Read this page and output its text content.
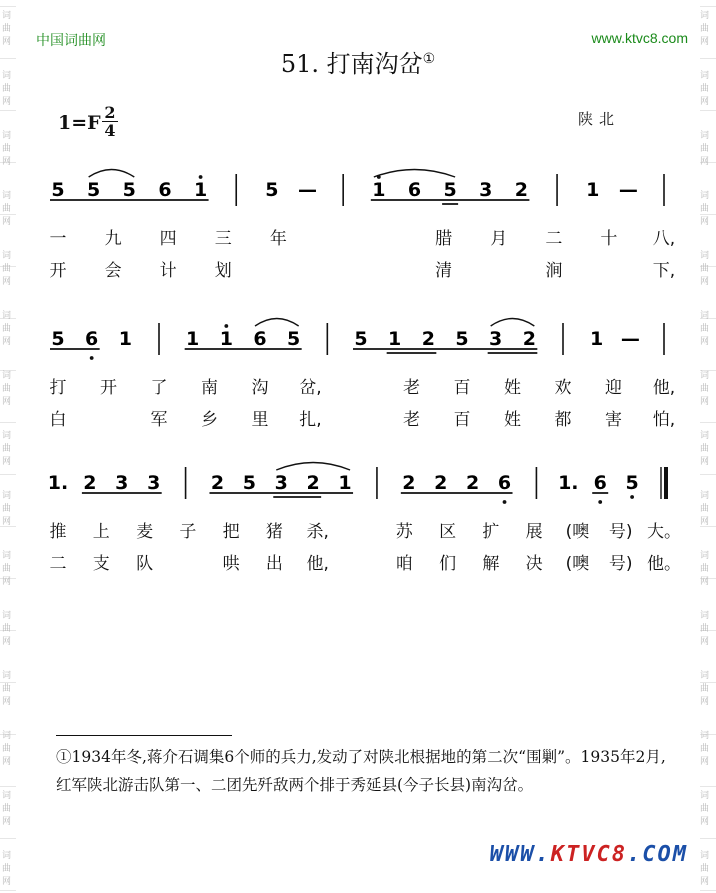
词
曲
网
词
曲
网
词
曲
网
词
曲
网
词
曲
网
词
曲
网
词
曲
网
词
曲
网
词
曲
网
词
曲
网
词
曲
网
词
曲
网
词
曲
网
词
曲
网
词
曲
网
词
曲
网
词
曲
网
词
曲
网
词
曲
网
词
曲
网
词
曲
网
词
曲
网
词
曲
网
词
曲
网
词
曲
网
词
曲
网
词
曲
网
词
曲
网
词
曲
网
词
曲
网
中国词曲网	www.ktvc8.com
51. 打南沟岔①
1=F 2
4
陕北
5 5 5 6 1	5 —	1 6 5 3 2	1 —
5 6 1	1 1 6 5	5 1 2 5 3 2	1 —
1. 2 3 3	2 5 3 2 1	2 2 2 6 1. 6 5
一 九 四 三 年	腊 月 二 十 八,
开 会 计 划	清	涧	下,
打 开 了 南 沟 岔,	老 百 姓 欢 迎 他,
白	军 乡 里 扎,	老 百 姓 都 害 怕,
推 上 麦 子 把 猪 杀,	苏 区 扩 展 (噢 号) 大。
二 支 队	哄 出 他,	咱 们 解 决 (噢 号) 他。
①1934年冬,蒋介石调集6个师的兵力,发动了对陕北根据地的第二次“围剿”。1935年2月,红军陕北游击队第一、二团先歼敌两个排于秀延县(今子长县)南沟岔。
WWW.KTVC8.COM
